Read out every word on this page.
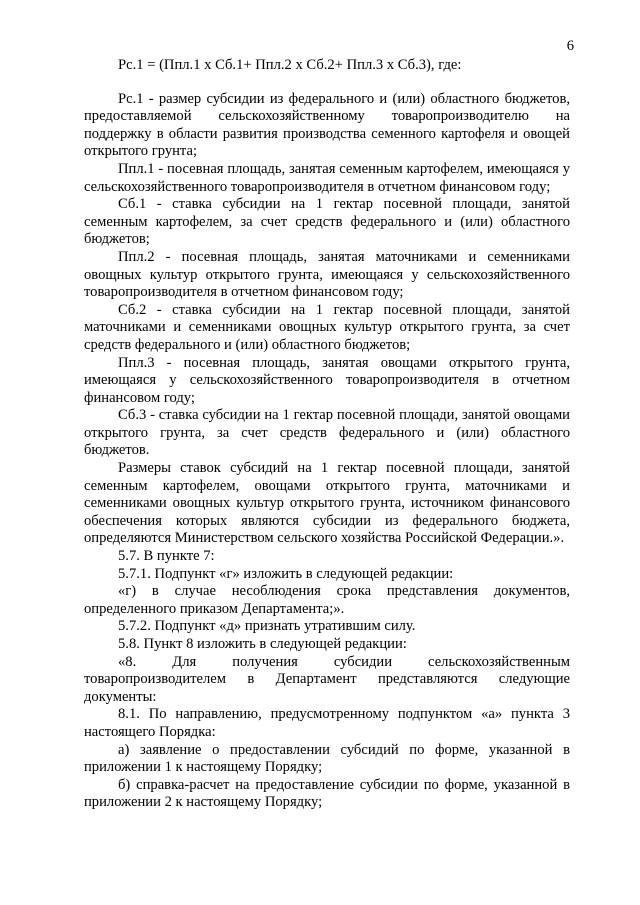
6

Рс.1 = (Ппл.1 х Сб.1+ Ппл.2 х Сб.2+ Ппл.3 х Сб.3), где:

Рс.1 - размер субсидии из федерального и (или) областного бюджетов, предоставляемой сельскохозяйственному товаропроизводителю на поддержку в области развития производства семенного картофеля и овощей открытого грунта;

Ппл.1 - посевная площадь, занятая семенным картофелем, имеющаяся у сельскохозяйственного товаропроизводителя в отчетном финансовом году;

Сб.1 - ставка субсидии на 1 гектар посевной площади, занятой семенным картофелем, за счет средств федерального и (или) областного бюджетов;

Ппл.2 - посевная площадь, занятая маточниками и семенниками овощных культур открытого грунта, имеющаяся у сельскохозяйственного товаропроизводителя в отчетном финансовом году;

Сб.2 - ставка субсидии на 1 гектар посевной площади, занятой маточниками и семенниками овощных культур открытого грунта, за счет средств федерального и (или) областного бюджетов;

Ппл.3 - посевная площадь, занятая овощами открытого грунта, имеющаяся у сельскохозяйственного товаропроизводителя в отчетном финансовом году;

Сб.3 - ставка субсидии на 1 гектар посевной площади, занятой овощами открытого грунта, за счет средств федерального и (или) областного бюджетов.

Размеры ставок субсидий на 1 гектар посевной площади, занятой семенным картофелем, овощами открытого грунта, маточниками и семенниками овощных культур открытого грунта, источником финансового обеспечения которых являются субсидии из федерального бюджета, определяются Министерством сельского хозяйства Российской Федерации.».

5.7. В пункте 7:

5.7.1. Подпункт «г» изложить в следующей редакции:

«г) в случае несоблюдения срока представления документов, определенного приказом Департамента;».

5.7.2. Подпункт «д» признать утратившим силу.

5.8. Пункт 8 изложить в следующей редакции:

«8. Для получения субсидии сельскохозяйственным товаропроизводителем в Департамент представляются следующие документы:

8.1. По направлению, предусмотренному подпунктом «а» пункта 3 настоящего Порядка:

а) заявление о предоставлении субсидий по форме, указанной в приложении 1 к настоящему Порядку;

б) справка-расчет на предоставление субсидии по форме, указанной в приложении 2 к настоящему Порядку;
